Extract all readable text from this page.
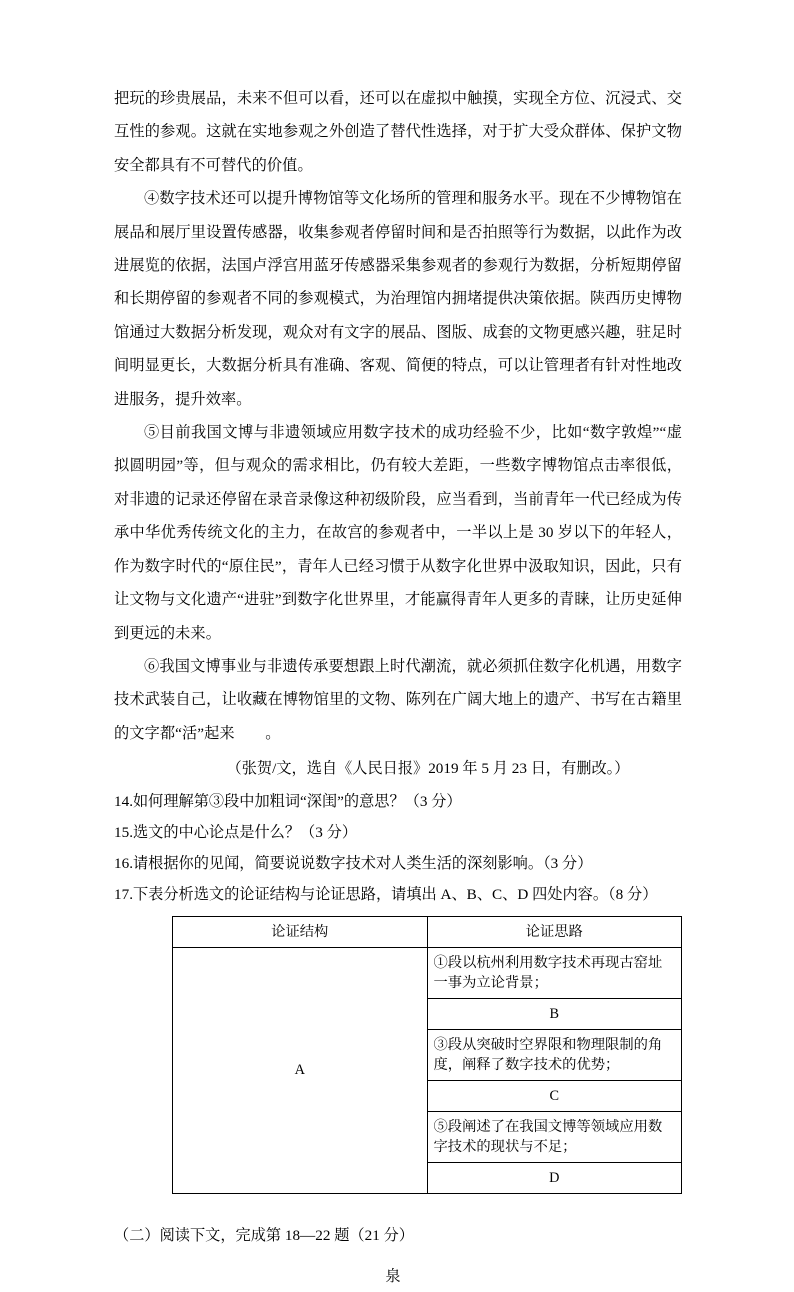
把玩的珍贵展品，未来不但可以看，还可以在虚拟中触摸，实现全方位、沉浸式、交互性的参观。这就在实地参观之外创造了替代性选择，对于扩大受众群体、保护文物安全都具有不可替代的价值。

④数字技术还可以提升博物馆等文化场所的管理和服务水平。现在不少博物馆在展品和展厅里设置传感器，收集参观者停留时间和是否拍照等行为数据，以此作为改进展览的依据，法国卢浮宫用蓝牙传感器采集参观者的参观行为数据，分析短期停留和长期停留的参观者不同的参观模式，为治理馆内拥堵提供决策依据。陕西历史博物馆通过大数据分析发现，观众对有文字的展品、图版、成套的文物更感兴趣，驻足时间明显更长，大数据分析具有准确、客观、简便的特点，可以让管理者有针对性地改进服务，提升效率。

⑤目前我国文博与非遗领域应用数字技术的成功经验不少，比如“数字敦煌”“虚拟圆明园”等，但与观众的需求相比，仍有较大差距，一些数字博物馆点击率很低，对非遗的记录还停留在录音录像这种初级阶段，应当看到，当前青年一代已经成为传承中华优秀传统文化的主力，在故宫的参观者中，一半以上是 30 岁以下的年轻人，作为数字时代的“原住民”，青年人已经习惯于从数字化世界中汲取知识，因此，只有让文物与文化遗产“进驻”到数字化世界里，才能赢得青年人更多的青睐，让历史延伸到更远的未来。

⑥我国文博事业与非遗传承要想跟上时代潮流，就必须抓住数字化机遇，用数字技术武装自己，让收藏在博物馆里的文物、陈列在广阔大地上的遗产、书写在古籍里的文字都“活”起来　　。

（张贺/文，选自《人民日报》2019 年 5 月 23 日，有删改。）

14.如何理解第③段中加粗词“深闺”的意思？（3 分）

15.选文的中心论点是什么？（3 分）

16.请根据你的见闻，简要说说数字技术对人类生活的深刻影响。（3 分）

17.下表分析选文的论证结构与论证思路，请填出 A、B、C、D 四处内容。（8 分）

论证结构	论证思路
A	①段以杭州利用数字技术再现古窑址一事为立论背景；
	B
	③段从突破时空界限和物理限制的角度，阐释了数字技术的优势；
	C
	⑤段阐述了在我国文博等领域应用数字技术的现状与不足；
	D

（二）阅读下文，完成第 18—22 题（21 分）

泉
